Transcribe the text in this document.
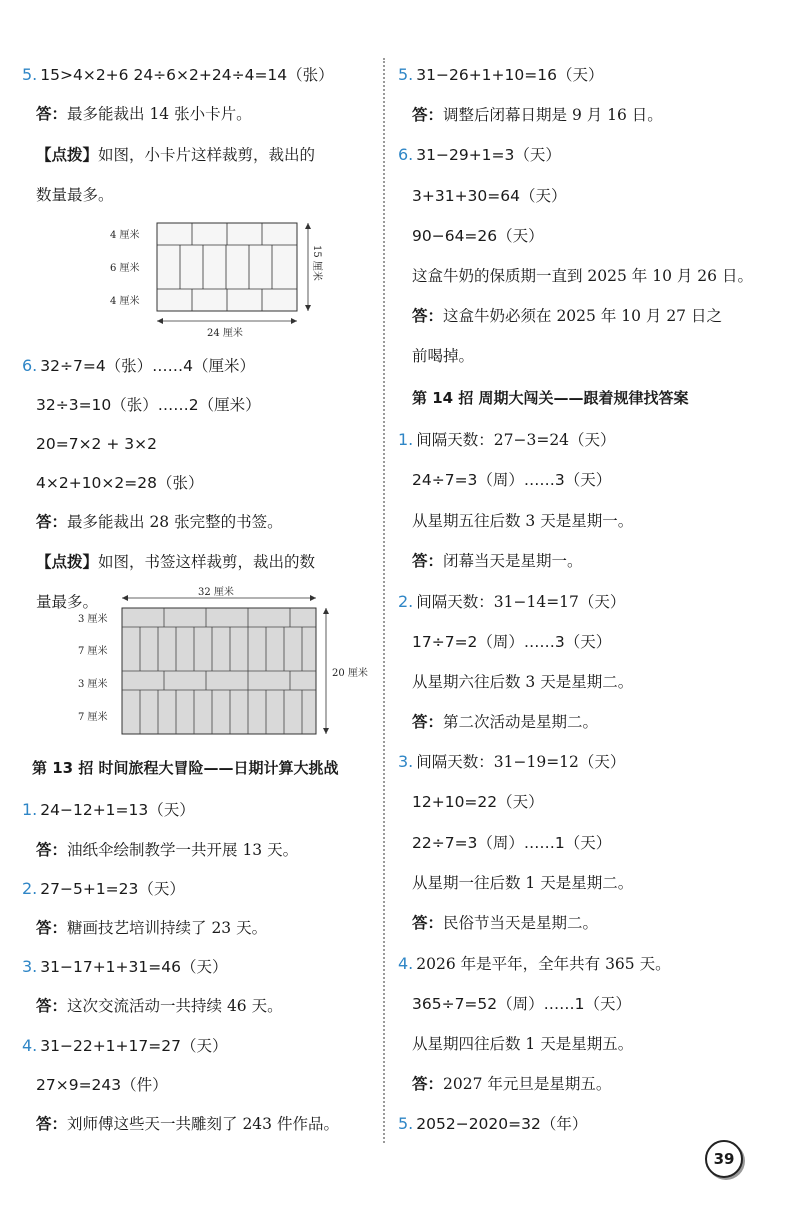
5. 15>4×2+6 24÷6×2+24÷4=14（张）
答：最多能裁出 14 张小卡片。
【点拨】如图，小卡片这样裁剪，裁出的
数量最多。
4 厘米
6 厘米
4 厘米
24 厘米
15 厘米
6. 32÷7=4（张）……4（厘米）
32÷3=10（张）……2（厘米）
20=7×2 + 3×2
4×2+10×2=28（张）
答：最多能裁出 28 张完整的书签。
【点拨】如图，书签这样裁剪，裁出的数
量最多。
32 厘米
3 厘米
7 厘米
3 厘米
7 厘米
20 厘米
第 13 招 时间旅程大冒险——日期计算大挑战
1. 24−12+1=13（天）
答：油纸伞绘制教学一共开展 13 天。
2. 27−5+1=23（天）
答：糖画技艺培训持续了 23 天。
3. 31−17+1+31=46（天）
答：这次交流活动一共持续 46 天。
4. 31−22+1+17=27（天）
27×9=243（件）
答：刘师傅这些天一共雕刻了 243 件作品。
5. 31−26+1+10=16（天）
答：调整后闭幕日期是 9 月 16 日。
6. 31−29+1=3（天）
3+31+30=64（天）
90−64=26（天）
这盒牛奶的保质期一直到 2025 年 10 月 26 日。
答：这盒牛奶必须在 2025 年 10 月 27 日之
前喝掉。
第 14 招 周期大闯关——跟着规律找答案
1. 间隔天数：27−3=24（天）
24÷7=3（周）……3（天）
从星期五往后数 3 天是星期一。
答：闭幕当天是星期一。
2. 间隔天数：31−14=17（天）
17÷7=2（周）……3（天）
从星期六往后数 3 天是星期二。
答：第二次活动是星期二。
3. 间隔天数：31−19=12（天）
12+10=22（天）
22÷7=3（周）……1（天）
从星期一往后数 1 天是星期二。
答：民俗节当天是星期二。
4. 2026 年是平年，全年共有 365 天。
365÷7=52（周）……1（天）
从星期四往后数 1 天是星期五。
答：2027 年元旦是星期五。
5. 2052−2020=32（年）
39
